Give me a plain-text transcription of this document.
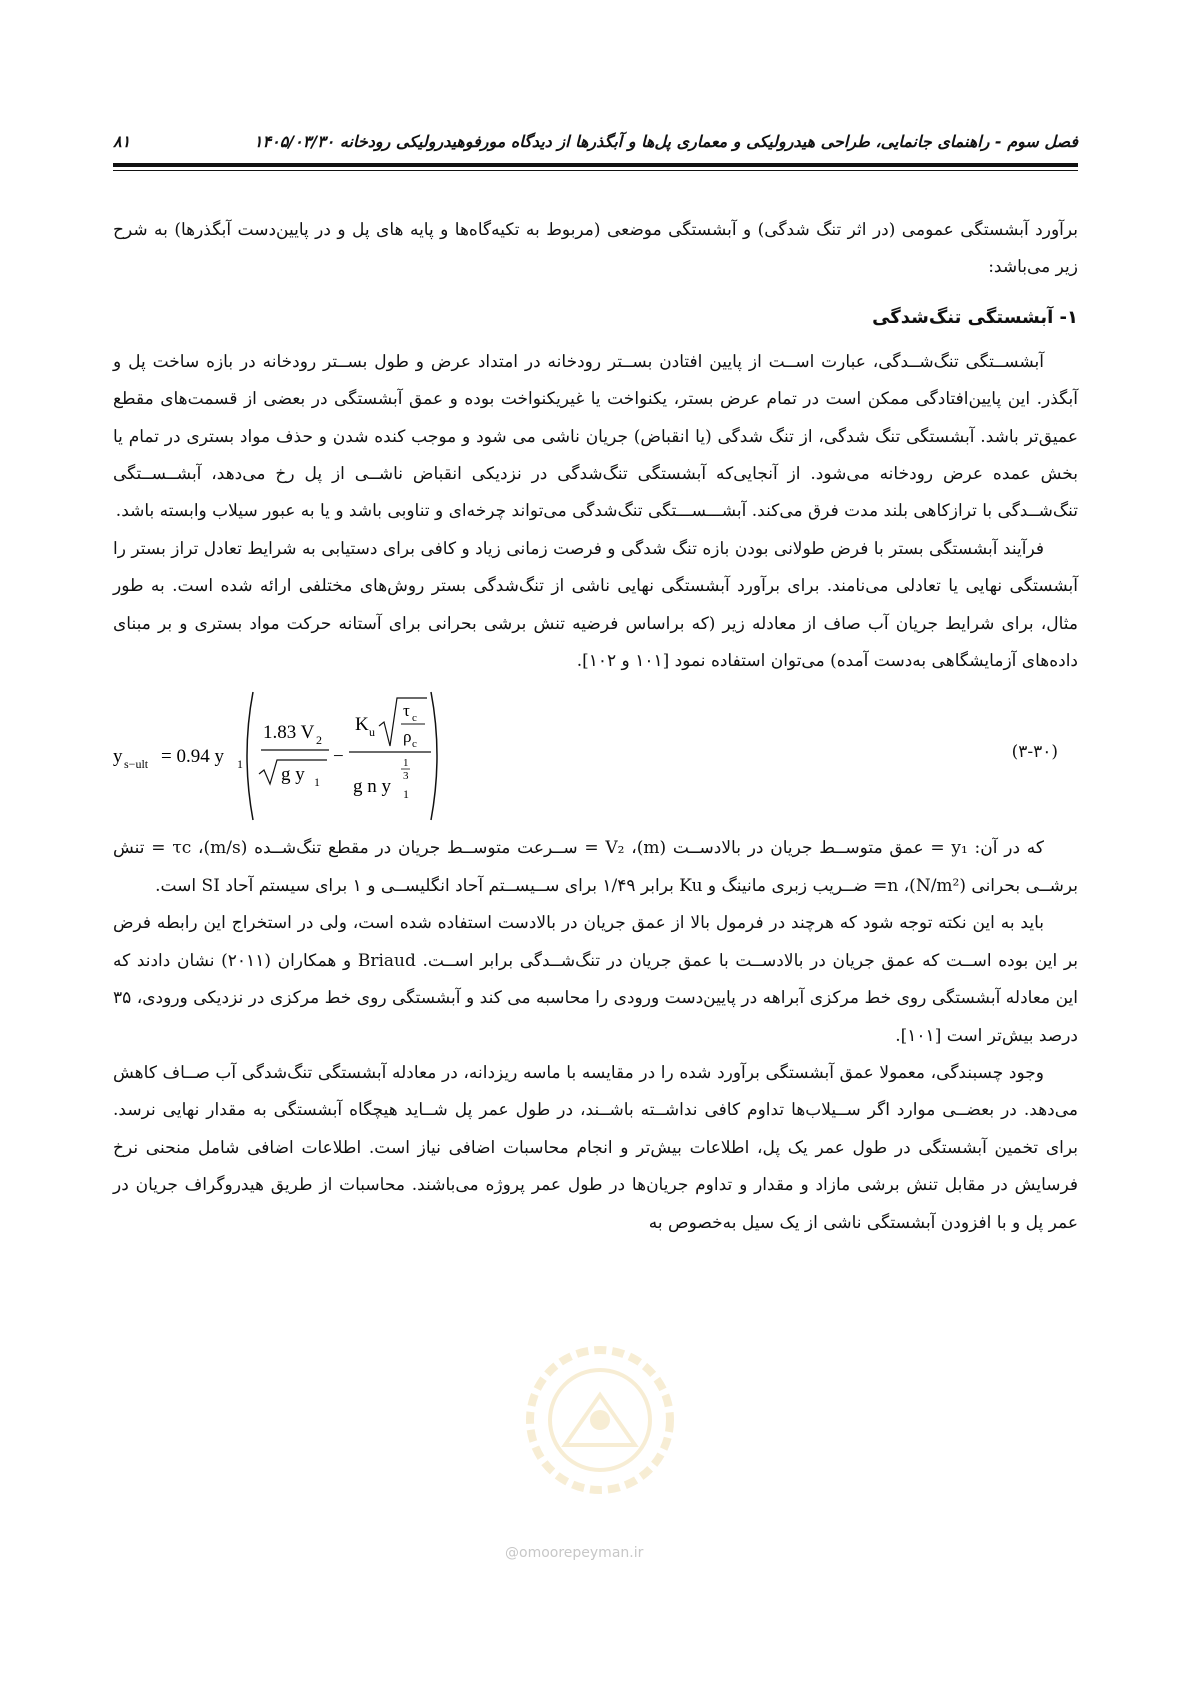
فصل سوم - راهنمای جانمایی، طراحی هیدرولیکی و معماری پل‌ها و آبگذرها از دیدگاه مورفوهیدرولیکی رودخانه ۱۴۰۵/۰۳/۳۰
۸۱

برآورد آبشستگی عمومی (در اثر تنگ شدگی) و آبشستگی موضعی (مربوط به تکیه‌گاه‌ها و پایه های پل و در پایین‌دست آبگذرها) به شرح زیر می‌باشد:

۱- آبشستگی تنگ‌شدگی

آبشســتگی تنگ‌شــدگی، عبارت اســت از پایین افتادن بســتر رودخانه در امتداد عرض و طول بســتر رودخانه در بازه ساخت پل و آبگذر. این پایین‌افتادگی ممکن است در تمام عرض بستر، یکنواخت یا غیریکنواخت بوده و عمق آبشستگی در بعضی از قسمت‌های مقطع عمیق‌تر باشد. آبشستگی تنگ شدگی، از تنگ شدگی (یا انقباض) جریان ناشی می شود و موجب کنده شدن و حذف مواد بستری در تمام یا بخش عمده عرض رودخانه می‌شود. از آنجایی‌که آبشستگی تنگ‌شدگی در نزدیکی انقباض ناشــی از پل رخ می‌دهد، آبشــســتگی تنگ‌شــدگی با ترازکاهی بلند مدت فرق می‌کند. آبشـــســـتگی تنگ‌شدگی می‌تواند چرخه‌ای و تناوبی باشد و یا به عبور سیلاب وابسته باشد.

فرآیند آبشستگی بستر با فرض طولانی بودن بازه تنگ شدگی و فرصت زمانی زیاد و کافی برای دستیابی به شرایط تعادل تراز بستر را آبشستگی نهایی یا تعادلی می‌نامند. برای برآورد آبشستگی نهایی ناشی از تنگ‌شدگی بستر روش‌های مختلفی ارائه شده است. به طور مثال، برای شرایط جریان آب صاف از معادله زیر (که براساس فرضیه تنش برشی بحرانی برای آستانه حرکت مواد بستری و بر مبنای داده‌های آزمایشگاهی به‌دست آمده) می‌توان استفاده نمود [۱۰۱ و ۱۰۲].

y s−ult = 0.94 y 1
1.83 V 2
g y 1
−
K u
τ c
ρ c
1
3
g n y 1
(۳-۳۰)

که در آن: y₁ = عمق متوســط جریان در بالادســت (m)، V₂ = ســرعت متوســط جریان در مقطع تنگ‌شــده (m/s)، τc = تنش برشــی بحرانی (N/m²)، n= ضــریب زبری مانینگ و Ku برابر ۱/۴۹ برای ســیســتم آحاد انگلیســی و ۱ برای سیستم آحاد SI است.

باید به این نکته توجه شود که هرچند در فرمول بالا از عمق جریان در بالادست استفاده شده است، ولی در استخراج این رابطه فرض بر این بوده اســت که عمق جریان در بالادســت با عمق جریان در تنگ‌شــدگی برابر اســت. Briaud و همکاران (۲۰۱۱) نشان دادند که این معادله آبشستگی روی خط مرکزی آبراهه در پایین‌دست ورودی را محاسبه می کند و آبشستگی روی خط مرکزی در نزدیکی ورودی، ۳۵ درصد بیش‌تر است [۱۰۱].

وجود چسبندگی، معمولا عمق آبشستگی برآورد شده را در مقایسه با ماسه ریزدانه، در معادله آبشستگی تنگ‌شدگی آب صــاف کاهش می‌دهد. در بعضــی موارد اگر ســیلاب‌ها تداوم کافی نداشــته باشــند، در طول عمر پل شــاید هیچگاه آبشستگی به مقدار نهایی نرسد. برای تخمین آبشستگی در طول عمر یک پل، اطلاعات بیش‌تر و انجام محاسبات اضافی نیاز است. اطلاعات اضافی شامل منحنی نرخ فرسایش در مقابل تنش برشی مازاد و مقدار و تداوم جریان‌ها در طول عمر پروژه می‌باشند. محاسبات از طریق هیدروگراف جریان در عمر پل و با افزودن آبشستگی ناشی از یک سیل به‌خصوص به

@omoorepeyman.ir
